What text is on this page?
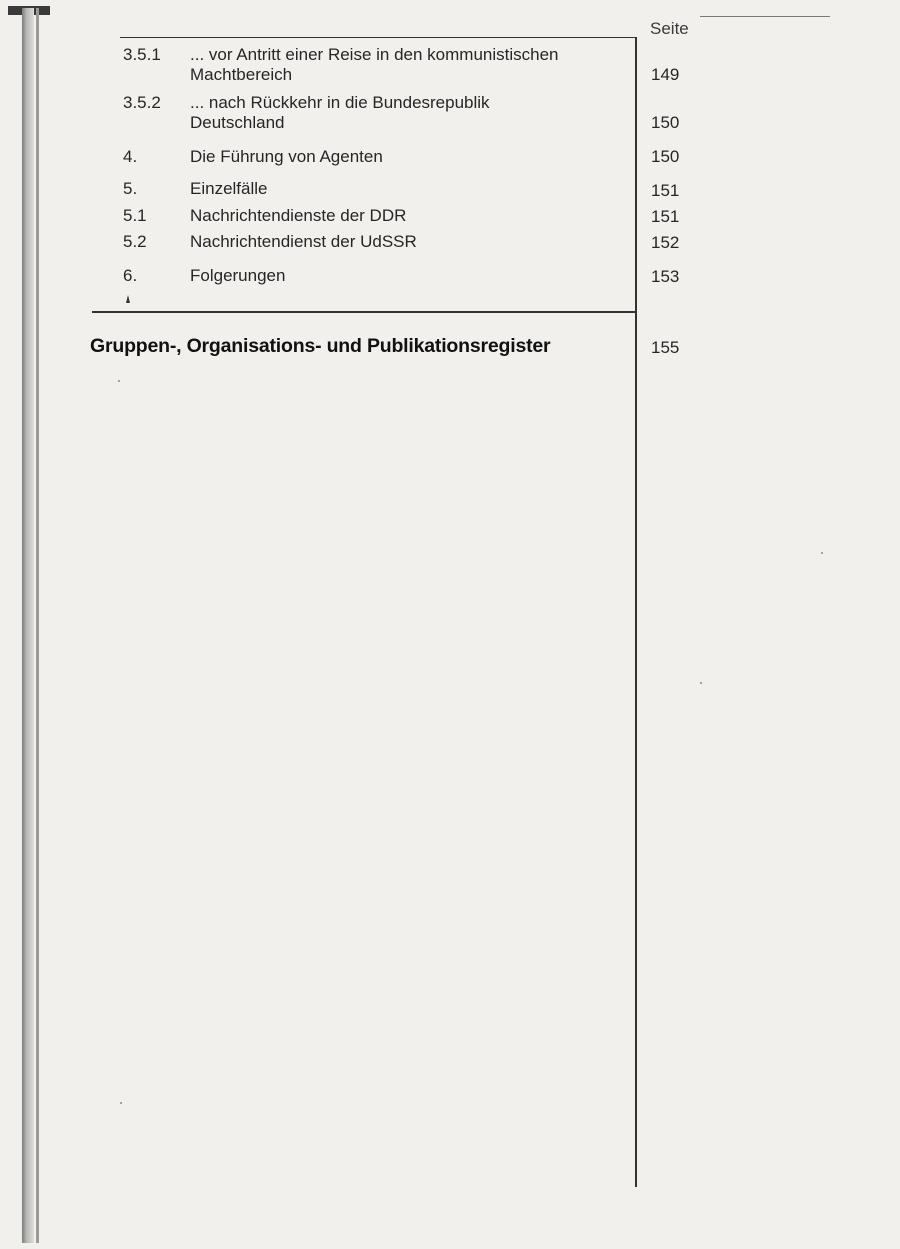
Seite
3.5.1 ... vor Antritt einer Reise in den kommunistischen
Machtbereich	149
3.5.2 ... nach Rückkehr in die Bundesrepublik
Deutschland	150
4.	Die Führung von Agenten	150
5.	Einzelfälle	151
5.1	Nachrichtendienste der DDR	151
5.2	Nachrichtendienst der UdSSR	152
6.	Folgerungen	153
Gruppen-, Organisations- und Publikationsregister	155
